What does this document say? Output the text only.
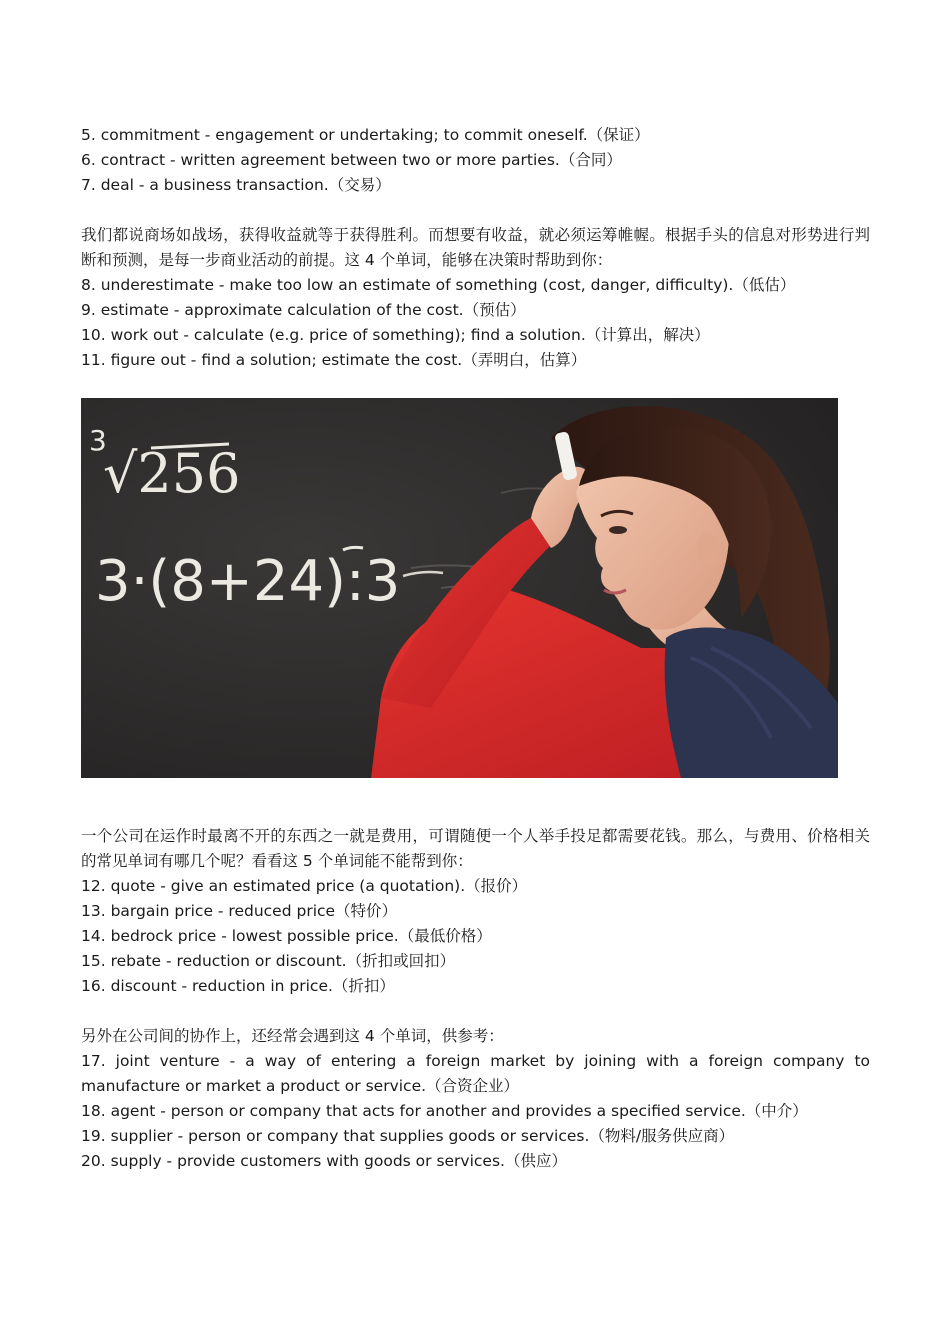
5. commitment - engagement or undertaking; to commit oneself.（保证）
6. contract - written agreement between two or more parties.（合同）
7. deal - a business transaction.（交易）
我们都说商场如战场，获得收益就等于获得胜利。而想要有收益，就必须运筹帷幄。根据手头的信息对形势进行判断和预测，是每一步商业活动的前提。这 4 个单词，能够在决策时帮助到你：
8. underestimate - make too low an estimate of something (cost, danger, difficulty).（低估）
9. estimate - approximate calculation of the cost.（预估）
10. work out - calculate (e.g. price of something); find a solution.（计算出，解决）
11. figure out - find a solution; estimate the cost.（弄明白，估算）
3
√256
3·(8+24):3
一个公司在运作时最离不开的东西之一就是费用，可谓随便一个人举手投足都需要花钱。那么，与费用、价格相关的常见单词有哪几个呢？看看这 5 个单词能不能帮到你：
12. quote - give an estimated price (a quotation).（报价）
13. bargain price - reduced price（特价）
14. bedrock price - lowest possible price.（最低价格）
15. rebate - reduction or discount.（折扣或回扣）
16. discount - reduction in price.（折扣）
另外在公司间的协作上，还经常会遇到这 4 个单词，供参考：
17. joint venture - a way of entering a foreign market by joining with a foreign company to manufacture or market a product or service.（合资企业）
18. agent - person or company that acts for another and provides a specified service.（中介）
19. supplier - person or company that supplies goods or services.（物料/服务供应商）
20. supply - provide customers with goods or services.（供应）
